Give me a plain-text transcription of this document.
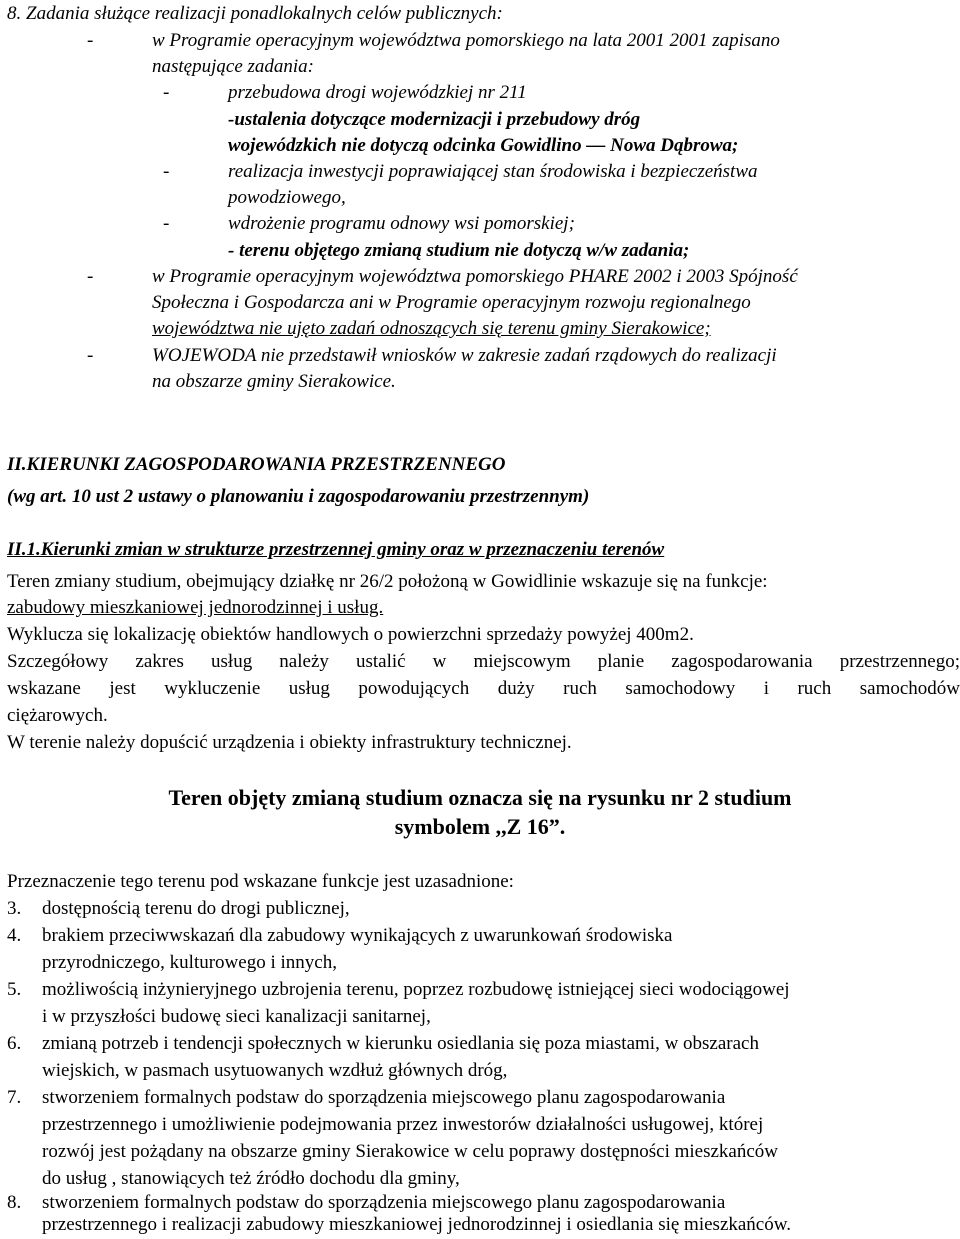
8. Zadania służące realizacji ponadlokalnych celów publicznych:
-	w Programie operacyjnym województwa pomorskiego na lata 2001 2001 zapisano
następujące zadania:
-	przebudowa drogi wojewódzkiej nr 211
-ustalenia dotyczące modernizacji i przebudowy dróg
wojewódzkich nie dotyczą odcinka Gowidlino — Nowa Dąbrowa;
-	realizacja inwestycji poprawiającej stan środowiska i bezpieczeństwa
powodziowego,
-	wdrożenie programu odnowy wsi pomorskiej;
- terenu objętego zmianą studium nie dotyczą w/w zadania;
-	w Programie operacyjnym województwa pomorskiego PHARE 2002 i 2003 Spójność
Społeczna i Gospodarcza ani w Programie operacyjnym rozwoju regionalnego
województwa nie ujęto zadań odnoszących się terenu gminy Sierakowice;
-	WOJEWODA nie przedstawił wniosków w zakresie zadań rządowych do realizacji
na obszarze gminy Sierakowice.
II.KIERUNKI ZAGOSPODAROWANIA PRZESTRZENNEGO
(wg art. 10 ust 2 ustawy o planowaniu i zagospodarowaniu przestrzennym)
II.1.Kierunki zmian w strukturze przestrzennej gminy oraz w przeznaczeniu terenów
Teren zmiany studium, obejmujący działkę nr 26/2 położoną w Gowidlinie wskazuje się na funkcje:
zabudowy mieszkaniowej jednorodzinnej i usług.
Wyklucza się lokalizację obiektów handlowych o powierzchni sprzedaży powyżej 400m2.
Szczegółowy zakres usług należy ustalić w miejscowym planie zagospodarowania przestrzennego;
wskazane jest wykluczenie usług powodujących duży ruch samochodowy i ruch samochodów
ciężarowych.
W terenie należy dopuścić urządzenia i obiekty infrastruktury technicznej.
Teren objęty zmianą studium oznacza się na rysunku nr 2 studium
symbolem ,,Z 16”.
Przeznaczenie tego terenu pod wskazane funkcje jest uzasadnione:
3. dostępnością terenu do drogi publicznej,
4. brakiem przeciwwskazań dla zabudowy wynikających z uwarunkowań środowiska
przyrodniczego, kulturowego i innych,
5. możliwością inżynieryjnego uzbrojenia terenu, poprzez rozbudowę istniejącej sieci wodociągowej
i w przyszłości budowę sieci kanalizacji sanitarnej,
6. zmianą potrzeb i tendencji społecznych w kierunku osiedlania się poza miastami, w obszarach
wiejskich, w pasmach usytuowanych wzdłuż głównych dróg,
7. stworzeniem formalnych podstaw do sporządzenia miejscowego planu zagospodarowania
przestrzennego i umożliwienie podejmowania przez inwestorów działalności usługowej, której
rozwój jest pożądany na obszarze gminy Sierakowice w celu poprawy dostępności mieszkańców
do usług , stanowiących też źródło dochodu dla gminy,
8. stworzeniem formalnych podstaw do sporządzenia miejscowego planu zagospodarowania
przestrzennego i realizacji zabudowy mieszkaniowej jednorodzinnej i osiedlania się mieszkańców.
